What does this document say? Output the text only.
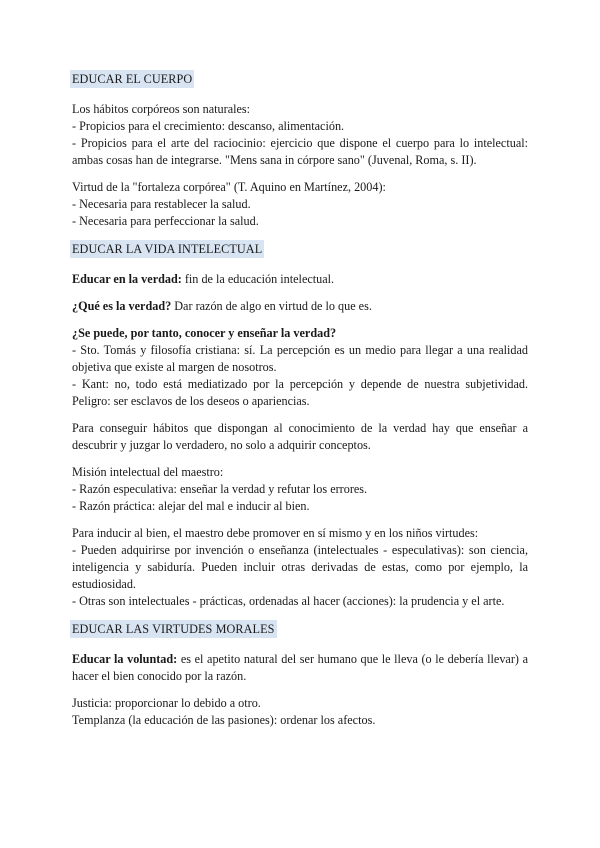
EDUCAR EL CUERPO

Los hábitos corpóreos son naturales:
- Propicios para el crecimiento: descanso, alimentación.
- Propicios para el arte del raciocinio: ejercicio que dispone el cuerpo para lo intelectual: ambas cosas han de integrarse. "Mens sana in córpore sano" (Juvenal, Roma, s. II).

Virtud de la "fortaleza corpórea" (T. Aquino en Martínez, 2004):
- Necesaria para restablecer la salud.
- Necesaria para perfeccionar la salud.

EDUCAR LA VIDA INTELECTUAL

Educar en la verdad: fin de la educación intelectual.

¿Qué es la verdad? Dar razón de algo en virtud de lo que es.

¿Se puede, por tanto, conocer y enseñar la verdad?
- Sto. Tomás y filosofía cristiana: sí. La percepción es un medio para llegar a una realidad objetiva que existe al margen de nosotros.
- Kant: no, todo está mediatizado por la percepción y depende de nuestra subjetividad. Peligro: ser esclavos de los deseos o apariencias.

Para conseguir hábitos que dispongan al conocimiento de la verdad hay que enseñar a descubrir y juzgar lo verdadero, no solo a adquirir conceptos.

Misión intelectual del maestro:
- Razón especulativa: enseñar la verdad y refutar los errores.
- Razón práctica: alejar del mal e inducir al bien.

Para inducir al bien, el maestro debe promover en sí mismo y en los niños virtudes:
- Pueden adquirirse por invención o enseñanza (intelectuales - especulativas): son ciencia, inteligencia y sabiduría. Pueden incluir otras derivadas de estas, como por ejemplo, la estudiosidad.
- Otras son intelectuales - prácticas, ordenadas al hacer (acciones): la prudencia y el arte.

EDUCAR LAS VIRTUDES MORALES

Educar la voluntad: es el apetito natural del ser humano que le lleva (o le debería llevar) a hacer el bien conocido por la razón.

Justicia: proporcionar lo debido a otro.
Templanza (la educación de las pasiones): ordenar los afectos.
